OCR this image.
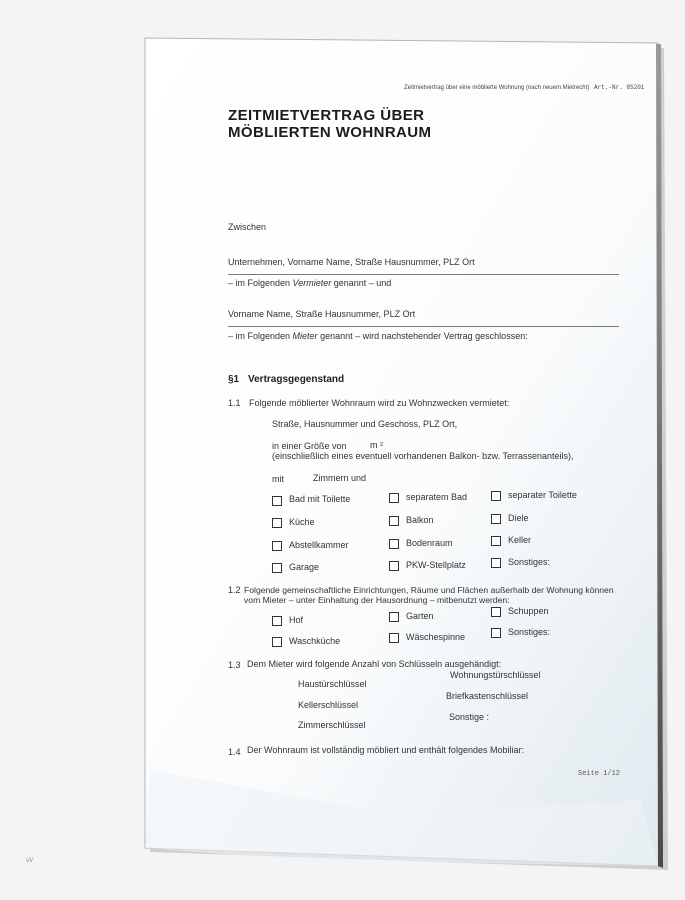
Zeitmietvertrag über eine möblierte Wohnung (nach neuem Mietrecht) Art.-Nr. 85201
ZEITMIETVERTRAG ÜBER
MÖBLIERTEN WOHNRAUM
Zwischen
Unternehmen, Vorname Name, Straße Hausnummer, PLZ Ort
– im Folgenden Vermieter genannt – und
Vorname Name, Straße Hausnummer, PLZ Ort
– im Folgenden Mieter genannt – wird nachstehender Vertrag geschlossen:
§1 Vertragsgegenstand
1.1 Folgende möblierter Wohnraum wird zu Wohnzwecken vermietet:
Straße, Hausnummer und Geschoss, PLZ Ort,
in einer Größe von	m ²
(einschließlich eines eventuell vorhandenen Balkon- bzw. Terrassenanteils),
mit	Zimmern und
Bad mit Toilette	separatem Bad	separater Toilette
Küche	Balkon	Diele
Abstellkammer	Bodenraum	Keller
Garage	PKW-Stellplatz	Sonstiges:
1.2 Folgende gemeinschaftliche Einrichtungen, Räume und Flächen außerhalb der Wohnung können
vom Mieter – unter Einhaltung der Hausordnung – mitbenutzt werden:
Hof	Garten	Schuppen
Waschküche	Wäschespinne	Sonstiges:
1.3 Dem Mieter wird folgende Anzahl von Schlüsseln ausgehändigt:
Haustürschlüssel
Kellerschlüssel
Zimmerschlüssel
Wohnungstürschlüssel
Briefkastenschlüssel
Sonstige :
1.4 Der Wohnraum ist vollständig möbliert und enthält folgendes Mobiliar:
Seite 1/12
\/\/
